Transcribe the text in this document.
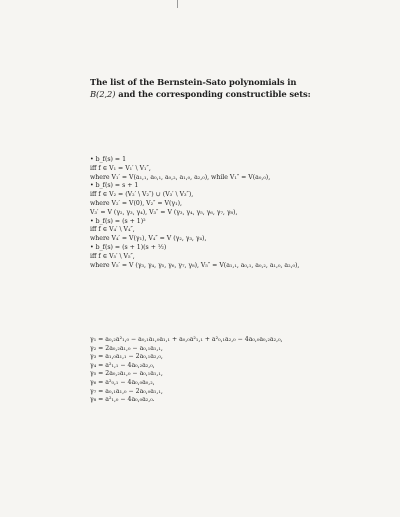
The list of the Bernstein-Sato polynomials in
B(2,2) and the corresponding constructible sets:
• b_f(s) = 1
iff f ∈ V₁ = V₁′ \ V₁″,
where V₁′ = V(a₁,₁, a₀,₁, a₀,₂, a₁,₀, a₂,₀), while V₁″ = V(a₀,₀),
• b_f(s) = s + 1
iff f ∈ V₂ = (V₂′ \ V₂″) ∪ (V₃′ \ V₃″),
where V₂′ = V(0), V₂″ = V(γ₁),
V₃′ = V (γ₂, γ₃, γ₄), V₃″ = V (γ₃, γ₄, γ₅, γ₆, γ₇, γ₈),
• b_f(s) = (s + 1)²
iff f ∈ V₄′ \ V₄″,
where V₄′ = V(γ₁), V₄″ = V (γ₂, γ₃, γ₄),
• b_f(s) = (s + 1)(s + ½)
iff f ∈ V₅′ \ V₅″,
where V₅′ = V (γ₃, γ₄, γ₅, γ₆, γ₇, γ₈), V₅″ = V(a₁,₁, a₀,₁, a₀,₂, a₁,₀, a₂,₀),
γ₁ = a₀,₂a²₁,₀ − a₀,₁a₁,₀a₁,₁ + a₀,₀a²₁,₁ + a²₀,₁a₂,₀ − 4a₀,₀a₀,₂a₂,₀,
γ₂ = 2a₀,₂a₁,₀ − a₀,₁a₁,₁,
γ₃ = a₁,₀a₁,₁ − 2a₀,₁a₂,₀,
γ₄ = a²₁,₁ − 4a₀,₂a₂,₀,
γ₅ = 2a₀,₂a₁,₀ − a₀,₁a₁,₁,
γ₆ = a²₀,₁ − 4a₀,₀a₀,₂,
γ₇ = a₀,₁a₁,₀ − 2a₀,₀a₁,₁,
γ₈ = a²₁,₀ − 4a₀,₀a₂,₀.
